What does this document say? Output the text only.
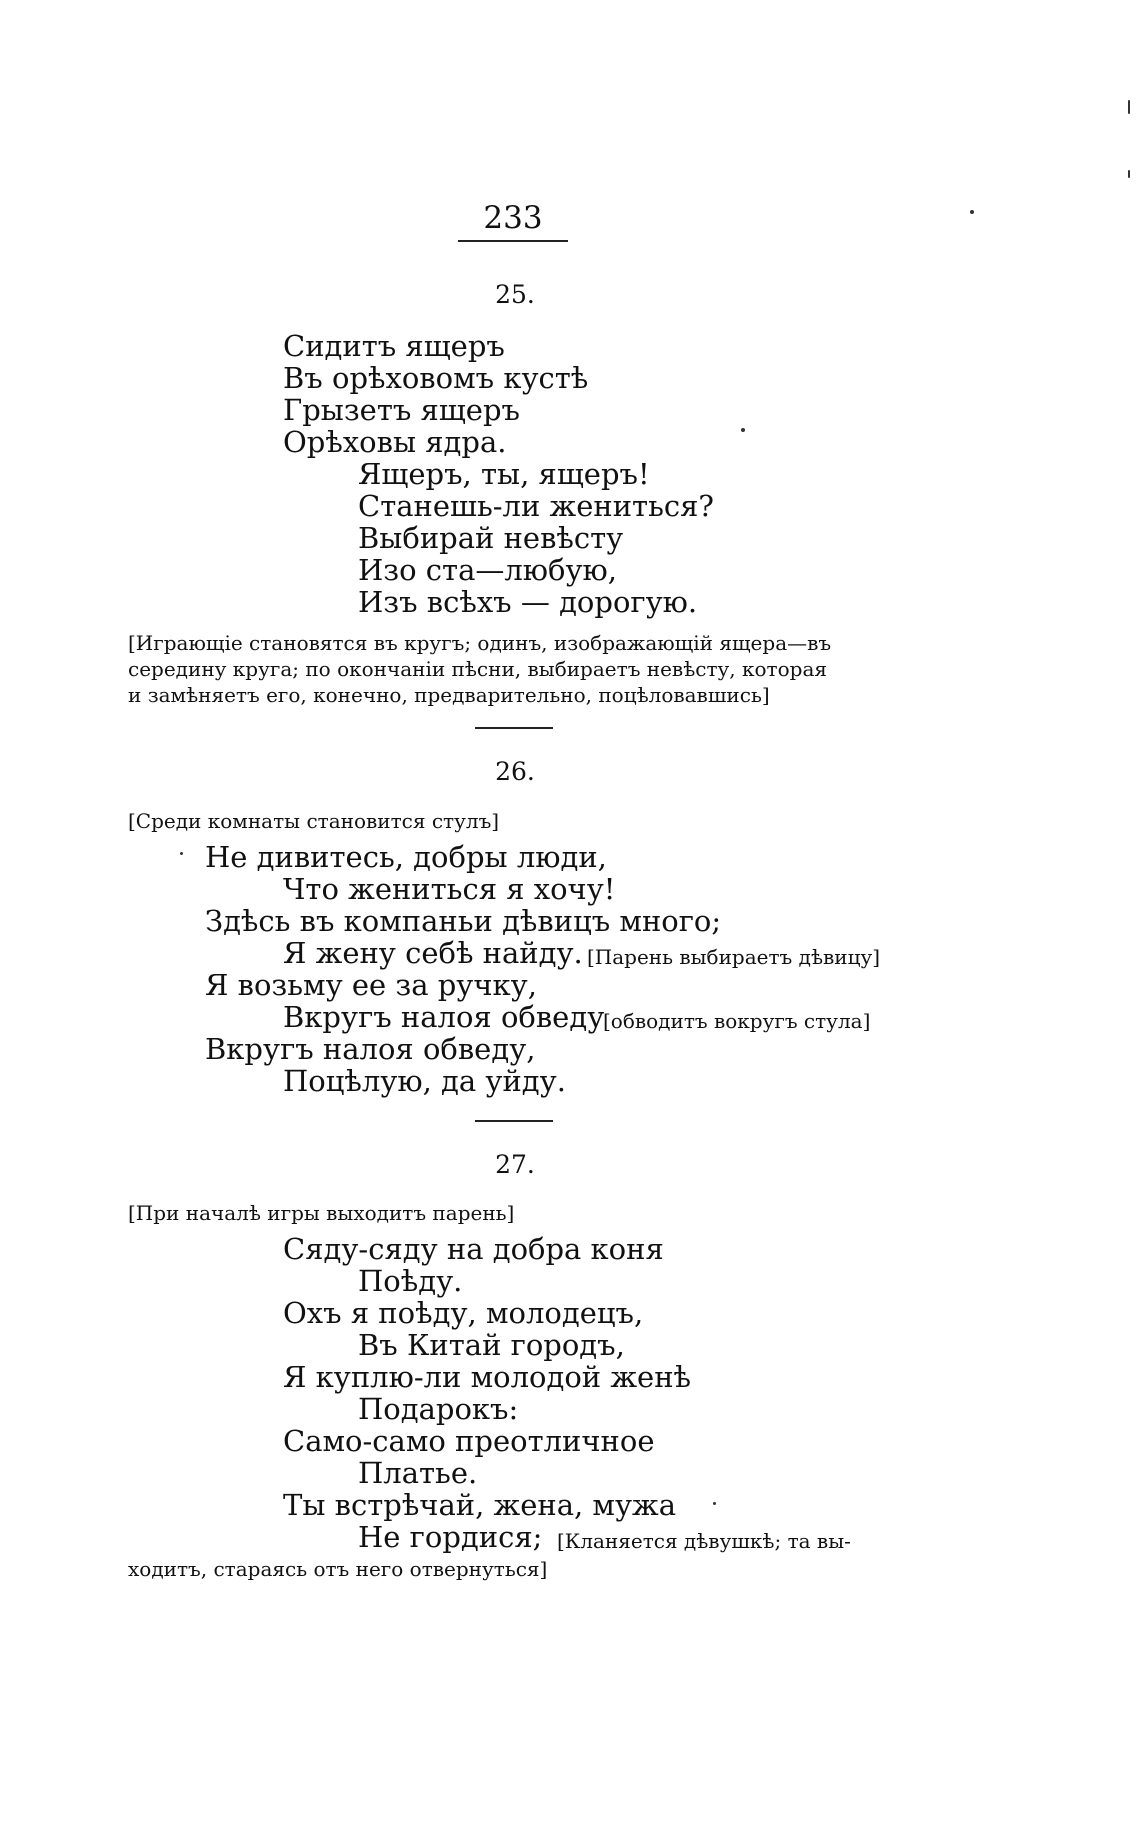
233
25.
Сидитъ ящеръ
Въ орѣховомъ кустѣ
Грызетъ ящеръ
Орѣховы ядра.
Ящеръ, ты, ящеръ!
Станешь-ли жениться?
Выбирай невѣсту
Изо ста—любую,
Изъ всѣхъ — дорогую.
[Играющіе становятся въ кругъ; одинъ, изображающій ящера—въ
середину круга; по окончаніи пѣсни, выбираетъ невѣсту, которая
и замѣняетъ его, конечно, предварительно, поцѣловавшись]
26.
[Среди комнаты становится стулъ]
Не дивитесь, добры люди,
Что жениться я хочу!
Здѣсь въ компаньи дѣвицъ много;
Я жену себѣ найду. [Парень выбираетъ дѣвицу]
Я возьму ее за ручку,
Вкругъ налоя обведу
[обводитъ вокругъ стула]
Вкругъ налоя обведу,
Поцѣлую, да уйду.
27.
[При началѣ игры выходитъ парень]
Сяду-сяду на добра коня
Поѣду.
Охъ я поѣду, молодецъ,
Въ Китай городъ,
Я куплю-ли молодой женѣ
Подарокъ:
Само-само преотличное
Платье.
Ты встрѣчай, жена, мужа
Не гордися; [Кланяется дѣвушкѣ; та вы-
ходитъ, стараясь отъ него отвернуться]
